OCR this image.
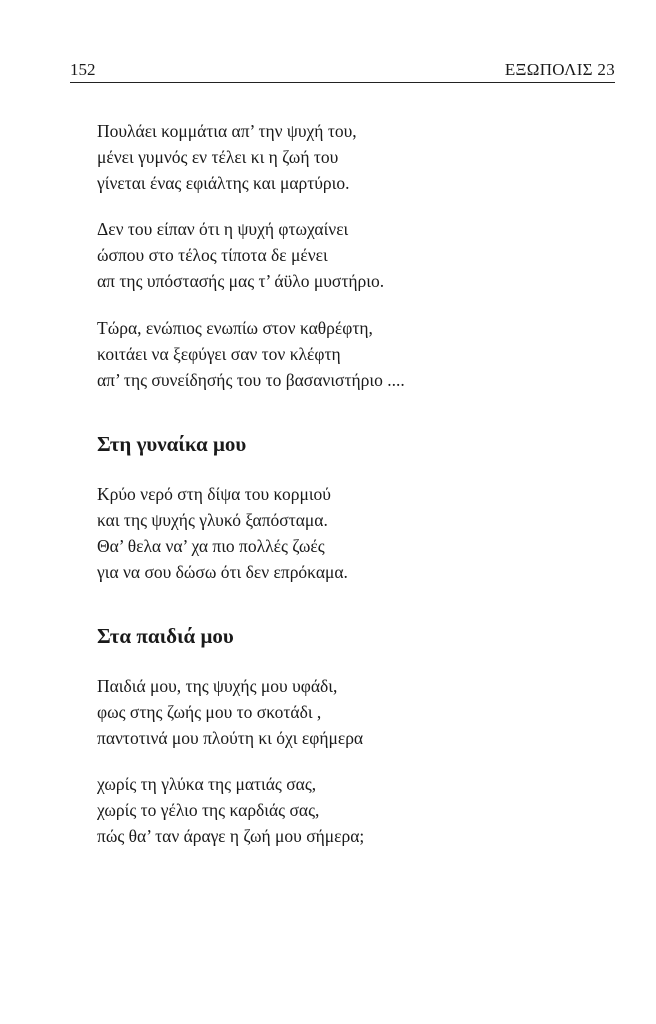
152	ΕΞΩΠΟΛΙΣ 23
Πουλάει κομμάτια απ’ την ψυχή του,
μένει γυμνός εν τέλει κι η ζωή του
γίνεται ένας εφιάλτης και μαρτύριο.
Δεν του είπαν ότι η ψυχή φτωχαίνει
ώσπου στο τέλος τίποτα δε μένει
απ της υπόστασής μας τ’ άϋλο μυστήριο.
Τώρα, ενώπιος ενωπίω στον καθρέφτη,
κοιτάει να ξεφύγει σαν τον κλέφτη
απ’ της συνείδησής του το βασανιστήριο ....
Στη γυναίκα μου
Κρύο νερό στη δίψα του κορμιού
και της ψυχής γλυκό ξαπόσταμα.
Θα’ θελα να’ χα πιο πολλές ζωές
για να σου δώσω ότι δεν επρόκαμα.
Στα παιδιά μου
Παιδιά μου, της ψυχής μου υφάδι,
φως στης ζωής μου το σκοτάδι ,
παντοτινά μου πλούτη κι όχι εφήμερα
χωρίς τη γλύκα της ματιάς σας,
χωρίς το γέλιο της καρδιάς σας,
πώς θα’ ταν άραγε η ζωή μου σήμερα;
